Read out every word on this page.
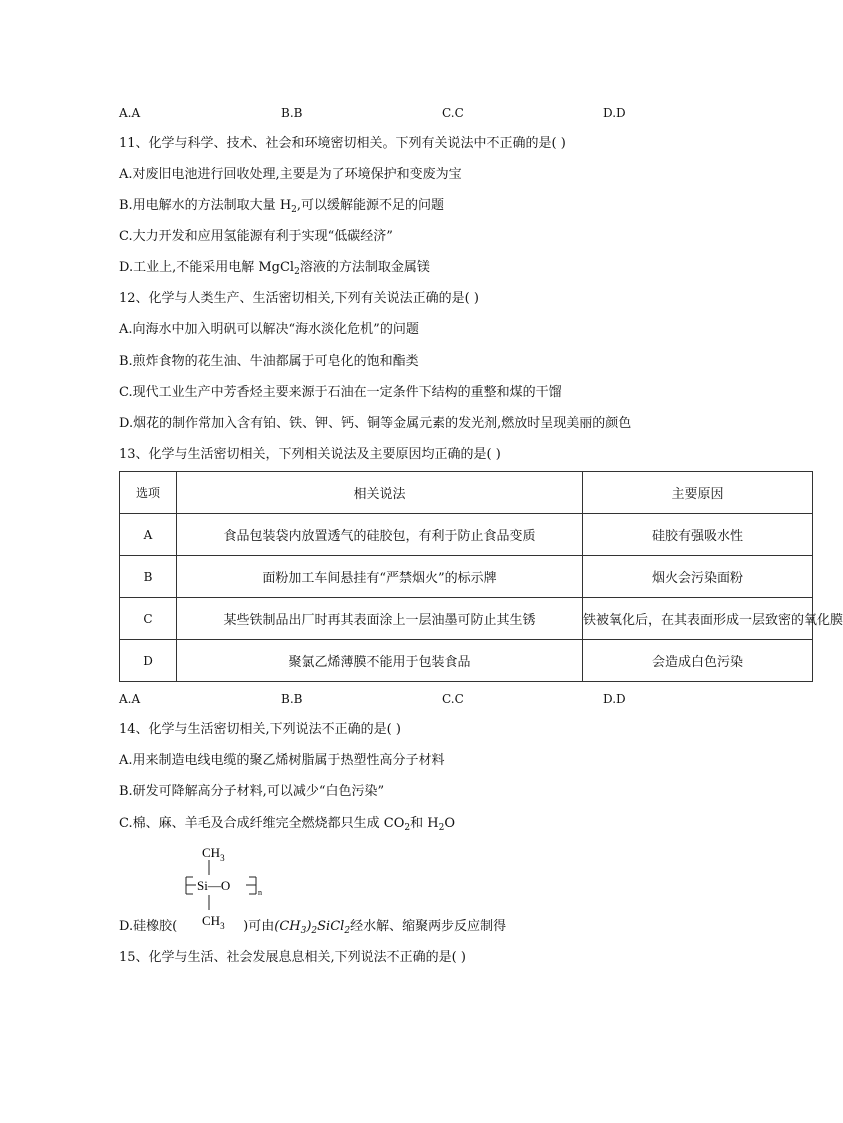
A.A	B.B	C.C	D.D
11、化学与科学、技术、社会和环境密切相关。下列有关说法中不正确的是( )
A.对废旧电池进行回收处理,主要是为了环境保护和变废为宝
B.用电解水的方法制取大量 $H_2$,可以缓解能源不足的问题
C.大力开发和应用氢能源有利于实现“低碳经济”
D.工业上,不能采用电解 MgCl$_2$溶液的方法制取金属镁
12、化学与人类生产、生活密切相关,下列有关说法正确的是( )
A.向海水中加入明矾可以解决“海水淡化危机”的问题
B.煎炸食物的花生油、牛油都属于可皂化的饱和酯类
C.现代工业生产中芳香烃主要来源于石油在一定条件下结构的重整和煤的干馏
D.烟花的制作常加入含有铂、铁、钾、钙、铜等金属元素的发光剂,燃放时呈现美丽的颜色
13、化学与生活密切相关，下列相关说法及主要原因均正确的是( )
选项	相关说法	主要原因
A	食品包装袋内放置透气的硅胶包，有利于防止食品变质	硅胶有强吸水性
B	面粉加工车间悬挂有“严禁烟火”的标示牌	烟火会污染面粉
C	某些铁制品出厂时再其表面涂上一层油墨可防止其生锈	铁被氧化后，在其表面形成一层致密的氧化膜
D	聚氯乙烯薄膜不能用于包装食品	会造成白色污染
A.A	B.B	C.C	D.D
14、化学与生活密切相关,下列说法不正确的是( )
A.用来制造电线电缆的聚乙烯树脂属于热塑性高分子材料
B.研发可降解高分子材料,可以减少“白色污染”
C.棉、麻、羊毛及合成纤维完全燃烧都只生成 $CO_2$和 $H_2O$
$CH_3$
Si—O	n
$CH_3$
D.硅橡胶(	)可由$(CH_3)_2SiCl_2$经水解、缩聚两步反应制得
15、化学与生活、社会发展息息相关,下列说法不正确的是( )
